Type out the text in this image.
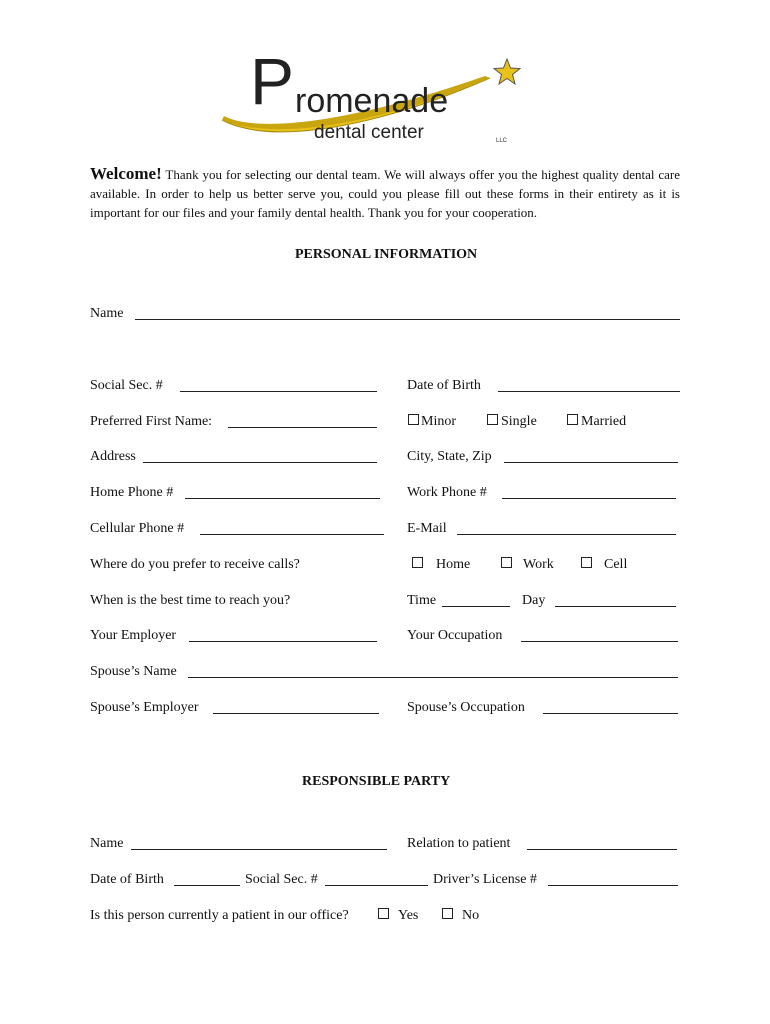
P romenade
dental center	LLC
Welcome! Thank you for selecting our dental team. We will always offer you the highest quality dental care available. In order to help us better serve you, could you please fill out these forms in their entirety as it is important for our files and your family dental health. Thank you for your cooperation.
PERSONAL INFORMATION
Name
Social Sec. #	Date of Birth
Preferred First Name:	Minor	Single	Married
Address	City, State, Zip
Home Phone #	Work Phone #
Cellular Phone #	E-Mail
Where do you prefer to receive calls?	Home	Work	Cell
When is the best time to reach you?	Time	Day
Your Employer	Your Occupation
Spouse’s Name
Spouse’s Employer	Spouse’s Occupation
RESPONSIBLE PARTY
Name	Relation to patient
Date of Birth	Social Sec. #	Driver’s License #
Is this person currently a patient in our office?	Yes	No
